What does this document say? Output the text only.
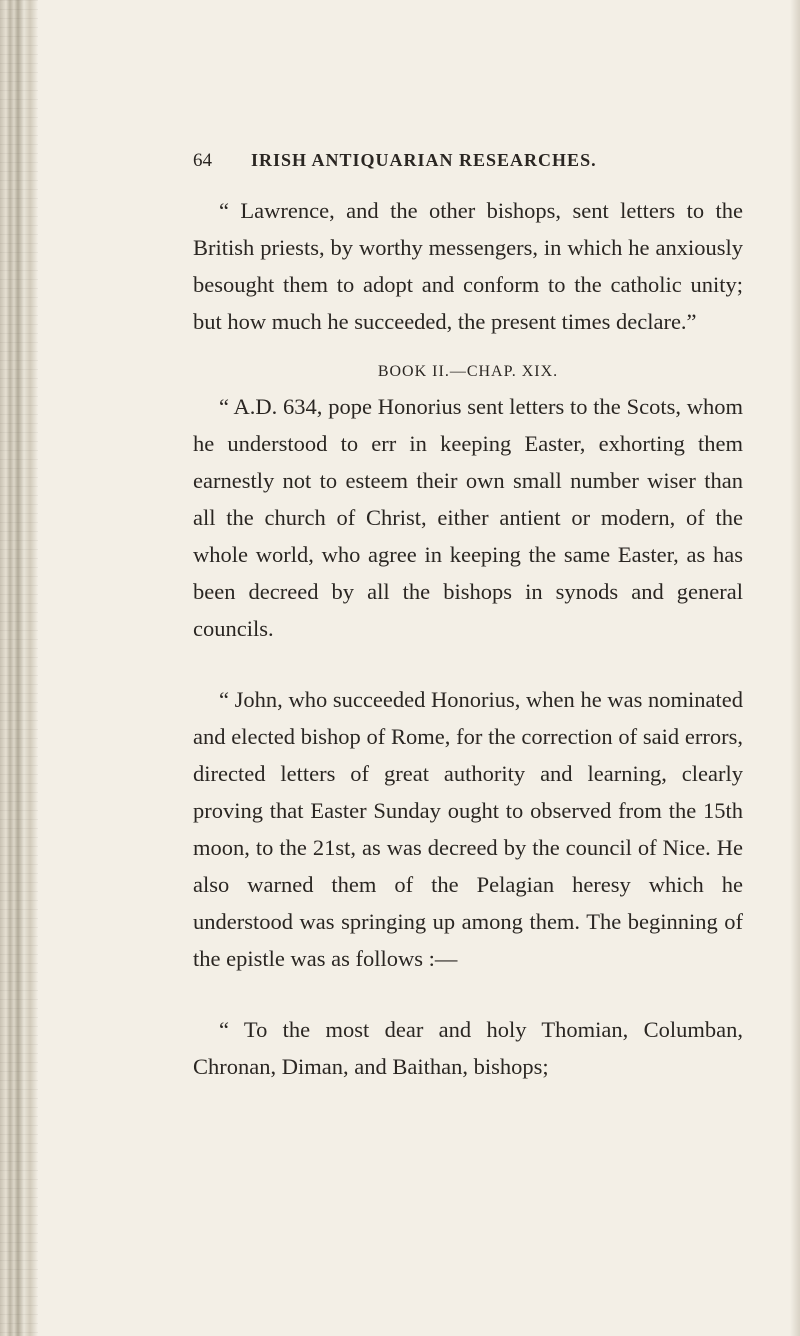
64	IRISH ANTIQUARIAN RESEARCHES.

“ Lawrence, and the other bishops, sent letters to the British priests, by worthy messengers, in which he anxiously besought them to adopt and conform to the catholic unity; but how much he succeeded, the present times declare.”

BOOK II.—CHAP. XIX.

“ A.D. 634, pope Honorius sent letters to the Scots, whom he understood to err in keeping Easter, exhorting them earnestly not to esteem their own small number wiser than all the church of Christ, either antient or modern, of the whole world, who agree in keeping the same Easter, as has been decreed by all the bishops in synods and general councils.

“ John, who succeeded Honorius, when he was nominated and elected bishop of Rome, for the correction of said errors, directed letters of great authority and learning, clearly proving that Easter Sunday ought to observed from the 15th moon, to the 21st, as was decreed by the council of Nice. He also warned them of the Pelagian heresy which he understood was springing up among them. The beginning of the epistle was as follows :—

“ To the most dear and holy Thomian, Columban, Chronan, Diman, and Baithan, bishops;
